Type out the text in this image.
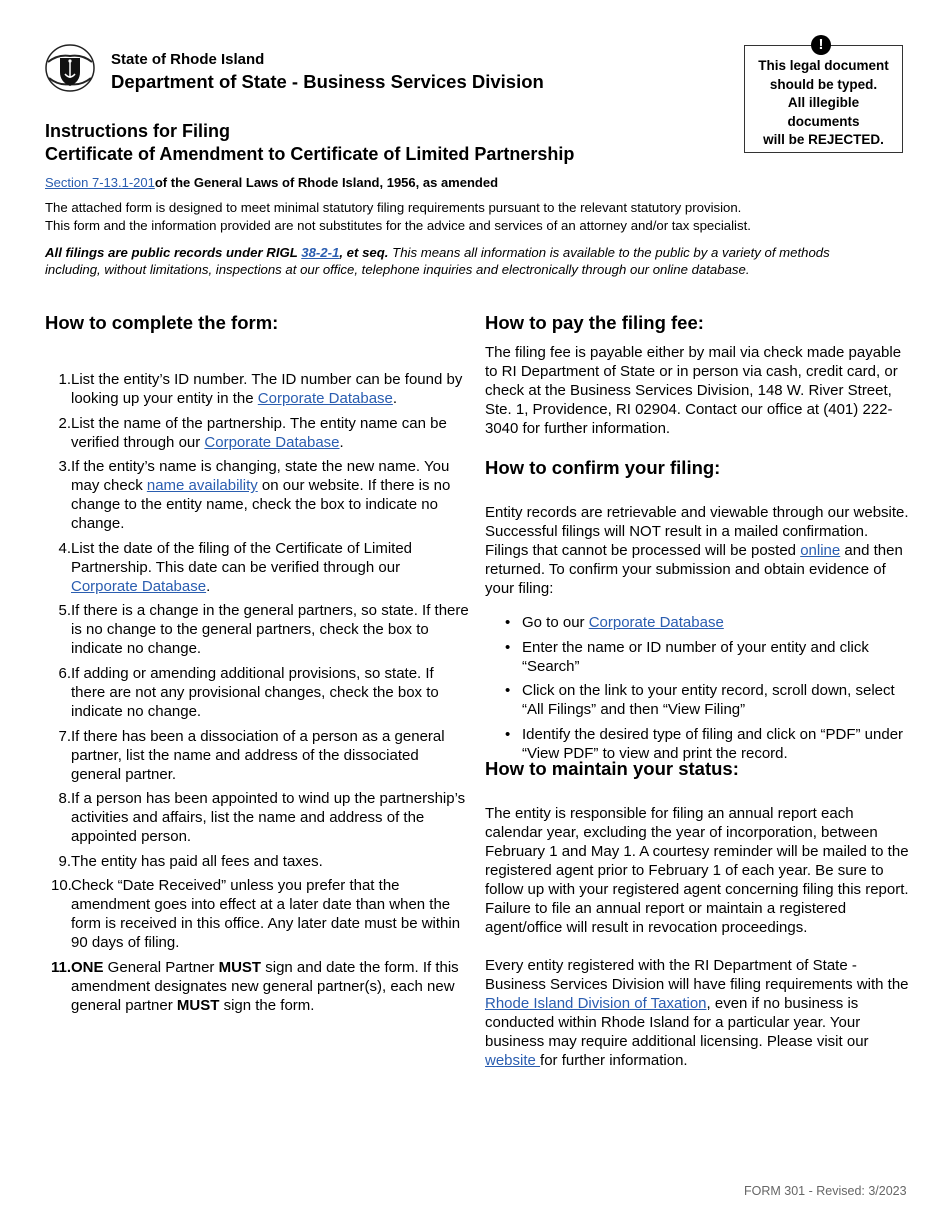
State of Rhode Island
Department of State - Business Services Division
This legal document
should be typed.
All illegible
documents
will be REJECTED.
!
Instructions for Filing
Certificate of Amendment to Certificate of Limited Partnership
Section 7-13.1-201of the General Laws of Rhode Island, 1956, as amended
The attached form is designed to meet minimal statutory filing requirements pursuant to the relevant statutory provision.
This form and the information provided are not substitutes for the advice and services of an attorney and/or tax specialist.
All filings are public records under RIGL 38-2-1, et seq. This means all information is available to the public by a variety of methods including, without limitations, inspections at our office, telephone inquiries and electronically through our online database.
How to complete the form:
1. List the entity’s ID number. The ID number can be found by looking up your entity in the Corporate Database.
2. List the name of the partnership. The entity name can be verified through our Corporate Database.
3. If the entity’s name is changing, state the new name. You may check name availability on our website. If there is no change to the entity name, check the box to indicate no change.
4. List the date of the filing of the Certificate of Limited Partnership. This date can be verified through our Corporate Database.
5. If there is a change in the general partners, so state. If there is no change to the general partners, check the box to indicate no change.
6. If adding or amending additional provisions, so state. If there are not any provisional changes, check the box to indicate no change.
7. If there has been a dissociation of a person as a general partner, list the name and address of the dissociated general partner.
8. If a person has been appointed to wind up the partnership’s activities and affairs, list the name and address of the appointed person.
9. The entity has paid all fees and taxes.
10. Check “Date Received” unless you prefer that the amendment goes into effect at a later date than when the form is received in this office. Any later date must be within 90 days of filing.
11. ONE General Partner MUST sign and date the form. If this amendment designates new general partner(s), each new general partner MUST sign the form.
How to pay the filing fee:
The filing fee is payable either by mail via check made payable to RI Department of State or in person via cash, credit card, or check at the Business Services Division, 148 W. River Street, Ste. 1, Providence, RI 02904. Contact our office at (401) 222-3040 for further information.
How to confirm your filing:

Entity records are retrievable and viewable through our website. Successful filings will NOT result in a mailed confirmation. Filings that cannot be processed will be posted online and then returned. To confirm your submission and obtain evidence of your filing:

• Go to our Corporate Database
• Enter the name or ID number of your entity and click “Search”
• Click on the link to your entity record, scroll down, select “All Filings” and then “View Filing”
• Identify the desired type of filing and click on “PDF” under “View PDF” to view and print the record.
How to maintain your status:

The entity is responsible for filing an annual report each calendar year, excluding the year of incorporation, between February 1 and May 1. A courtesy reminder will be mailed to the registered agent prior to February 1 of each year. Be sure to follow up with your registered agent concerning filing this report. Failure to file an annual report or maintain a registered agent/office will result in revocation proceedings.

Every entity registered with the RI Department of State - Business Services Division will have filing requirements with the Rhode Island Division of Taxation, even if no business is conducted within Rhode Island for a particular year. Your business may require additional licensing. Please visit our website for further information.

FORM 301 - Revised: 3/2023
